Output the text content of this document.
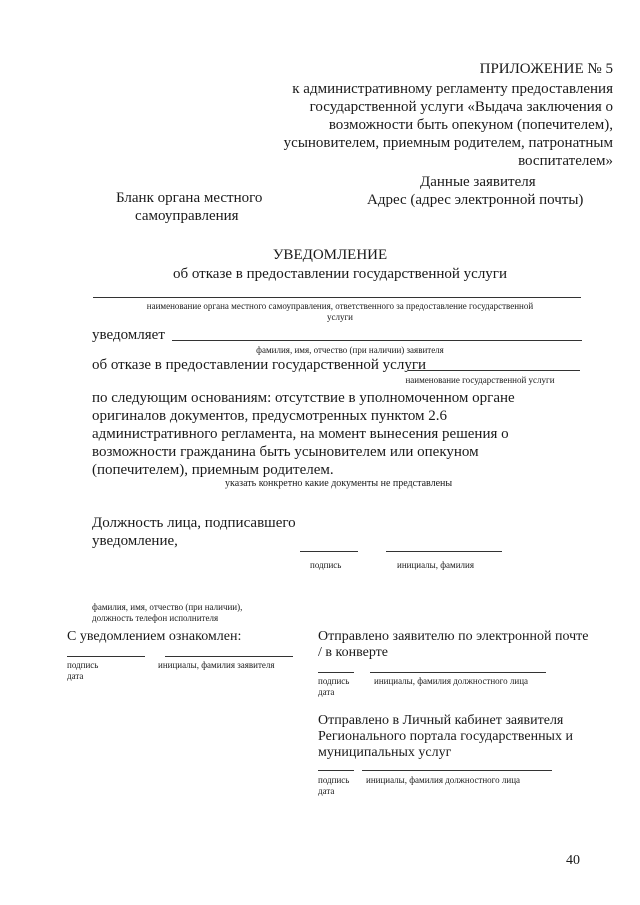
ПРИЛОЖЕНИЕ № 5
к административному регламенту предоставления
государственной услуги «Выдача заключения о
возможности быть опекуном (попечителем),
усыновителем, приемным родителем, патронатным
воспитателем»
Данные заявителя
Адрес (адрес электронной почты)
Бланк органа местного
самоуправления
УВЕДОМЛЕНИЕ
об отказе в предоставлении государственной услуги
наименование органа местного самоуправления, ответственного за предоставление государственной
услуги
уведомляет
фамилия, имя, отчество (при наличии) заявителя
об отказе в предоставлении государственной услуги
наименование государственной услуги
по следующим основаниям: отсутствие в уполномоченном органе
оригиналов документов, предусмотренных пунктом 2.6
административного регламента, на момент вынесения решения о
возможности гражданина быть усыновителем или опекуном
(попечителем), приемным родителем.
указать конкретно какие документы не представлены
Должность лица, подписавшего
уведомление,
подпись	инициалы, фамилия
фамилия, имя, отчество (при наличии),
должность телефон исполнителя
С уведомлением ознакомлен:
подпись	инициалы, фамилия заявителя
дата
Отправлено заявителю по электронной почте
/ в конверте
подпись	инициалы, фамилия должностного лица
дата
Отправлено в Личный кабинет заявителя
Регионального портала государственных и
муниципальных услуг
подпись инициалы, фамилия должностного лица
дата
40
